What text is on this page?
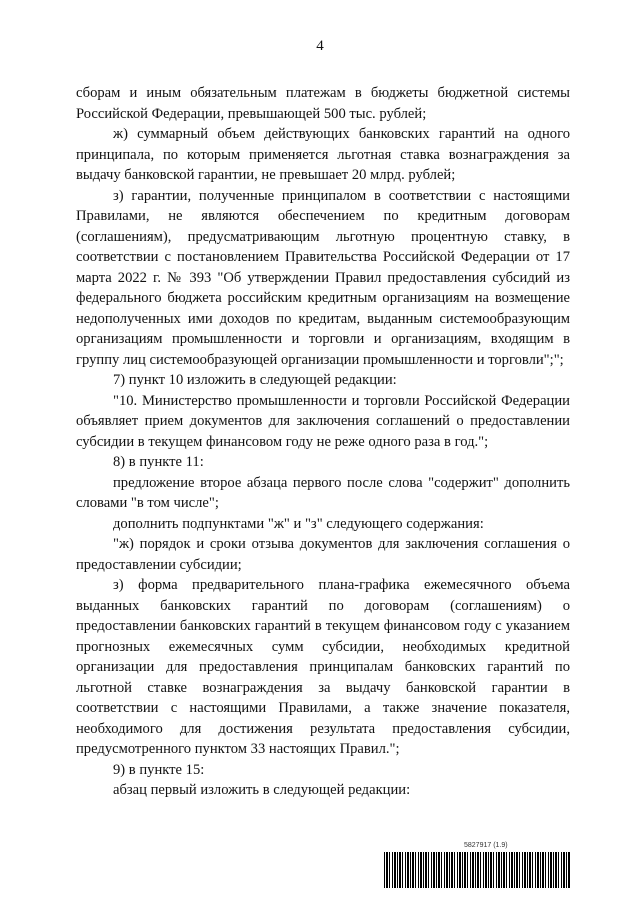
4

сборам и иным обязательным платежам в бюджеты бюджетной системы Российской Федерации, превышающей 500 тыс. рублей;

ж) суммарный объем действующих банковских гарантий на одного принципала, по которым применяется льготная ставка вознаграждения за выдачу банковской гарантии, не превышает 20 млрд. рублей;

з) гарантии, полученные принципалом в соответствии с настоящими Правилами, не являются обеспечением по кредитным договорам (соглашениям), предусматривающим льготную процентную ставку, в соответствии с постановлением Правительства Российской Федерации от 17 марта 2022 г. № 393 "Об утверждении Правил предоставления субсидий из федерального бюджета российским кредитным организациям на возмещение недополученных ими доходов по кредитам, выданным системообразующим организациям промышленности и торговли и организациям, входящим в группу лиц системообразующей организации промышленности и торговли";";

7) пункт 10 изложить в следующей редакции:

"10. Министерство промышленности и торговли Российской Федерации объявляет прием документов для заключения соглашений о предоставлении субсидии в текущем финансовом году не реже одного раза в год.";

8) в пункте 11:

предложение второе абзаца первого после слова "содержит" дополнить словами "в том числе";

дополнить подпунктами "ж" и "з" следующего содержания:

"ж) порядок и сроки отзыва документов для заключения соглашения о предоставлении субсидии;

з) форма предварительного плана-графика ежемесячного объема выданных банковских гарантий по договорам (соглашениям) о предоставлении банковских гарантий в текущем финансовом году с указанием прогнозных ежемесячных сумм субсидии, необходимых кредитной организации для предоставления принципалам банковских гарантий по льготной ставке вознаграждения за выдачу банковской гарантии в соответствии с настоящими Правилами, а также значение показателя, необходимого для достижения результата предоставления субсидии, предусмотренного пунктом 33 настоящих Правил.";

9) в пункте 15:

абзац первый изложить в следующей редакции:

5827917 (1.9)
